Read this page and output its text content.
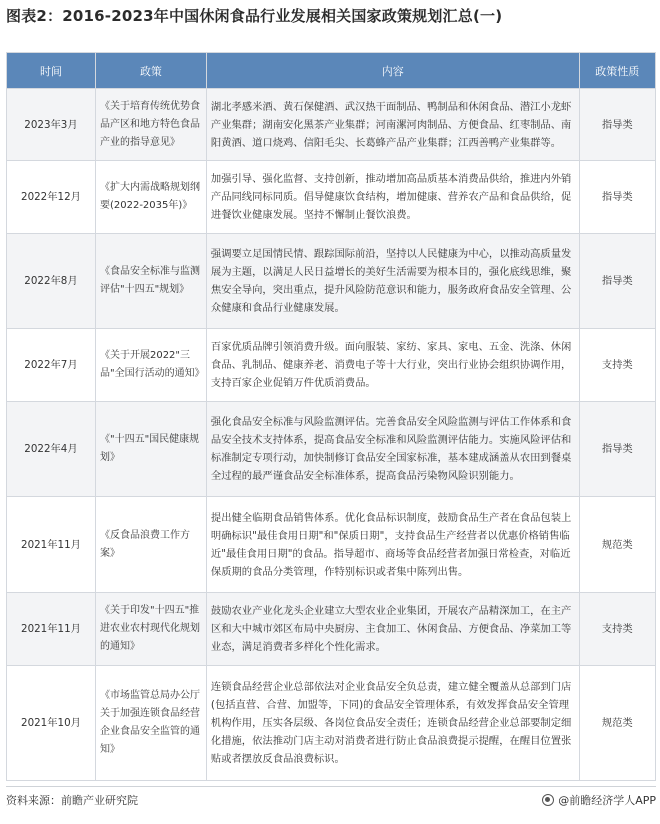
图表2：2016-2023年中国休闲食品行业发展相关国家政策规划汇总(一)
时间	政策	内容	政策性质
2023年3月	《关于培育传统优势食品产区和地方特色食品产业的指导意见》	湖北孝感米酒、黄石保健酒、武汉热干面制品、鸭制品和休闲食品、潜江小龙虾产业集群；湖南安化黑茶产业集群；河南漯河肉制品、方便食品、红枣制品、南阳黄酒、道口烧鸡、信阳毛尖、长葛蜂产品产业集群；江西善鸭产业集群等。	指导类
2022年12月	《扩大内需战略规划纲要(2022-2035年)》	加强引导、强化监督、支持创新，推动增加高品质基本消费品供给，推进内外销产品同线同标同质。倡导健康饮食结构，增加健康、营养农产品和食品供给，促进餐饮业健康发展。坚持不懈制止餐饮浪费。	指导类
2022年8月	《食品安全标准与监测评估"十四五"规划》	强调要立足国情民情、跟踪国际前沿，坚持以人民健康为中心，以推动高质量发展为主题，以满足人民日益增长的美好生活需要为根本目的，强化底线思维，聚焦安全导向，突出重点，提升风险防范意识和能力，服务政府食品安全管理、公众健康和食品行业健康发展。	指导类
2022年7月	《关于开展2022"三品"全国行活动的通知》	百家优质品牌引领消费升级。面向服装、家纺、家具、家电、五金、洗涤、休闲食品、乳制品、健康养老、消费电子等十大行业，突出行业协会组织协调作用，支持百家企业促销万件优质消费品。	支持类
2022年4月	《"十四五"国民健康规划》	强化食品安全标准与风险监测评估。完善食品安全风险监测与评估工作体系和食品安全技术支持体系，提高食品安全标准和风险监测评估能力。实施风险评估和标准制定专项行动，加快制修订食品安全国家标准，基本建成涵盖从农田到餐桌全过程的最严谨食品安全标准体系，提高食品污染物风险识别能力。	指导类
2021年11月	《反食品浪费工作方案》	提出健全临期食品销售体系。优化食品标识制度，鼓励食品生产者在食品包装上明确标识"最佳食用日期"和"保质日期"，支持食品生产经营者以优惠价格销售临近"最佳食用日期"的食品。指导超市、商场等食品经营者加强日常检查，对临近保质期的食品分类管理，作特别标识或者集中陈列出售。	规范类
2021年11月	《关于印发"十四五"推进农业农村现代化规划的通知》	鼓励农业产业化龙头企业建立大型农业企业集团，开展农产品精深加工，在主产区和大中城市郊区布局中央厨房、主食加工、休闲食品、方便食品、净菜加工等业态，满足消费者多样化个性化需求。	支持类
2021年10月	《市场监管总局办公厅关于加强连锁食品经营企业食品安全监管的通知》	连锁食品经营企业总部依法对企业食品安全负总责，建立健全覆盖从总部到门店(包括直营、合营、加盟等，下同)的食品安全管理体系，有效发挥食品安全管理机构作用，压实各层级、各岗位食品安全责任；连锁食品经营企业总部要制定细化措施，依法推动门店主动对消费者进行防止食品浪费提示提醒，在醒目位置张贴或者摆放反食品浪费标识。	规范类
资料来源：前瞻产业研究院	@前瞻经济学人APP
